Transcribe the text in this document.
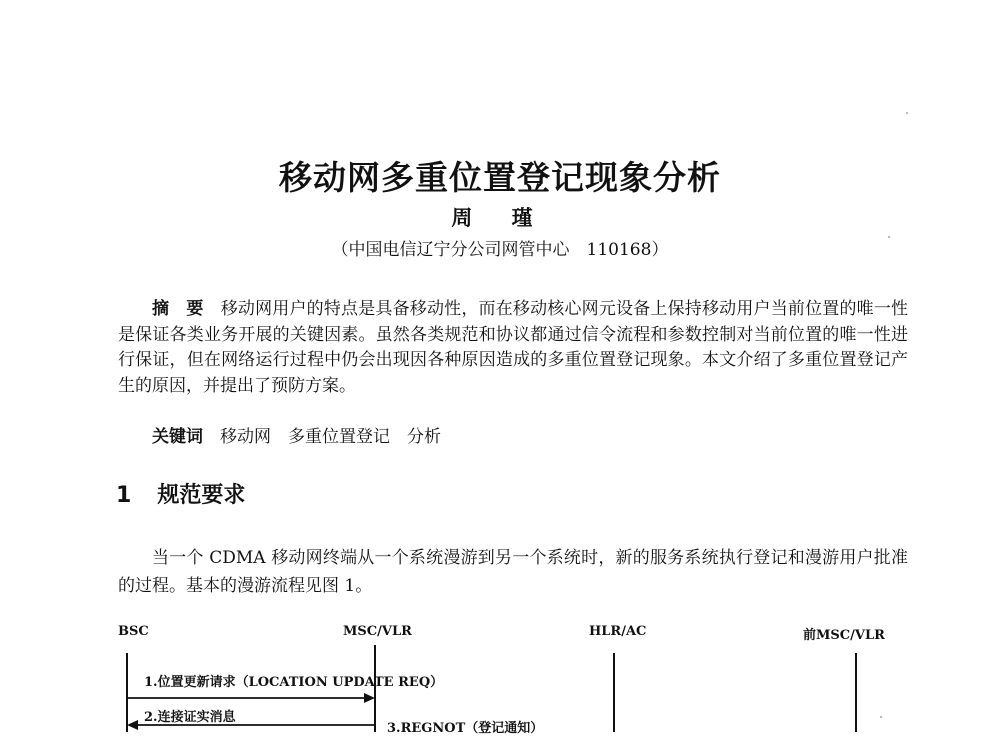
移动网多重位置登记现象分析
周 瑾
（中国电信辽宁分公司网管中心　110168）
摘　要　 移动网用户的特点是具备移动性，而在移动核心网元设备上保持移动用户当前位置的唯一性是保证各类业务开展的关键因素。虽然各类规范和协议都通过信令流程和参数控制对当前位置的唯一性进行保证，但在网络运行过程中仍会出现因各种原因造成的多重位置登记现象。本文介绍了多重位置登记产生的原因，并提出了预防方案。
关键词　 移动网　多重位置登记　分析
1 规范要求
当一个 CDMA 移动网终端从一个系统漫游到另一个系统时，新的服务系统执行登记和漫游用户批准的过程。基本的漫游流程见图 1。
BSC	MSC/VLR	HLR/AC	前MSC/VLR
1.位置更新请求（LOCATION UPDATE REQ）
2.连接证实消息
3.REGNOT（登记通知）
